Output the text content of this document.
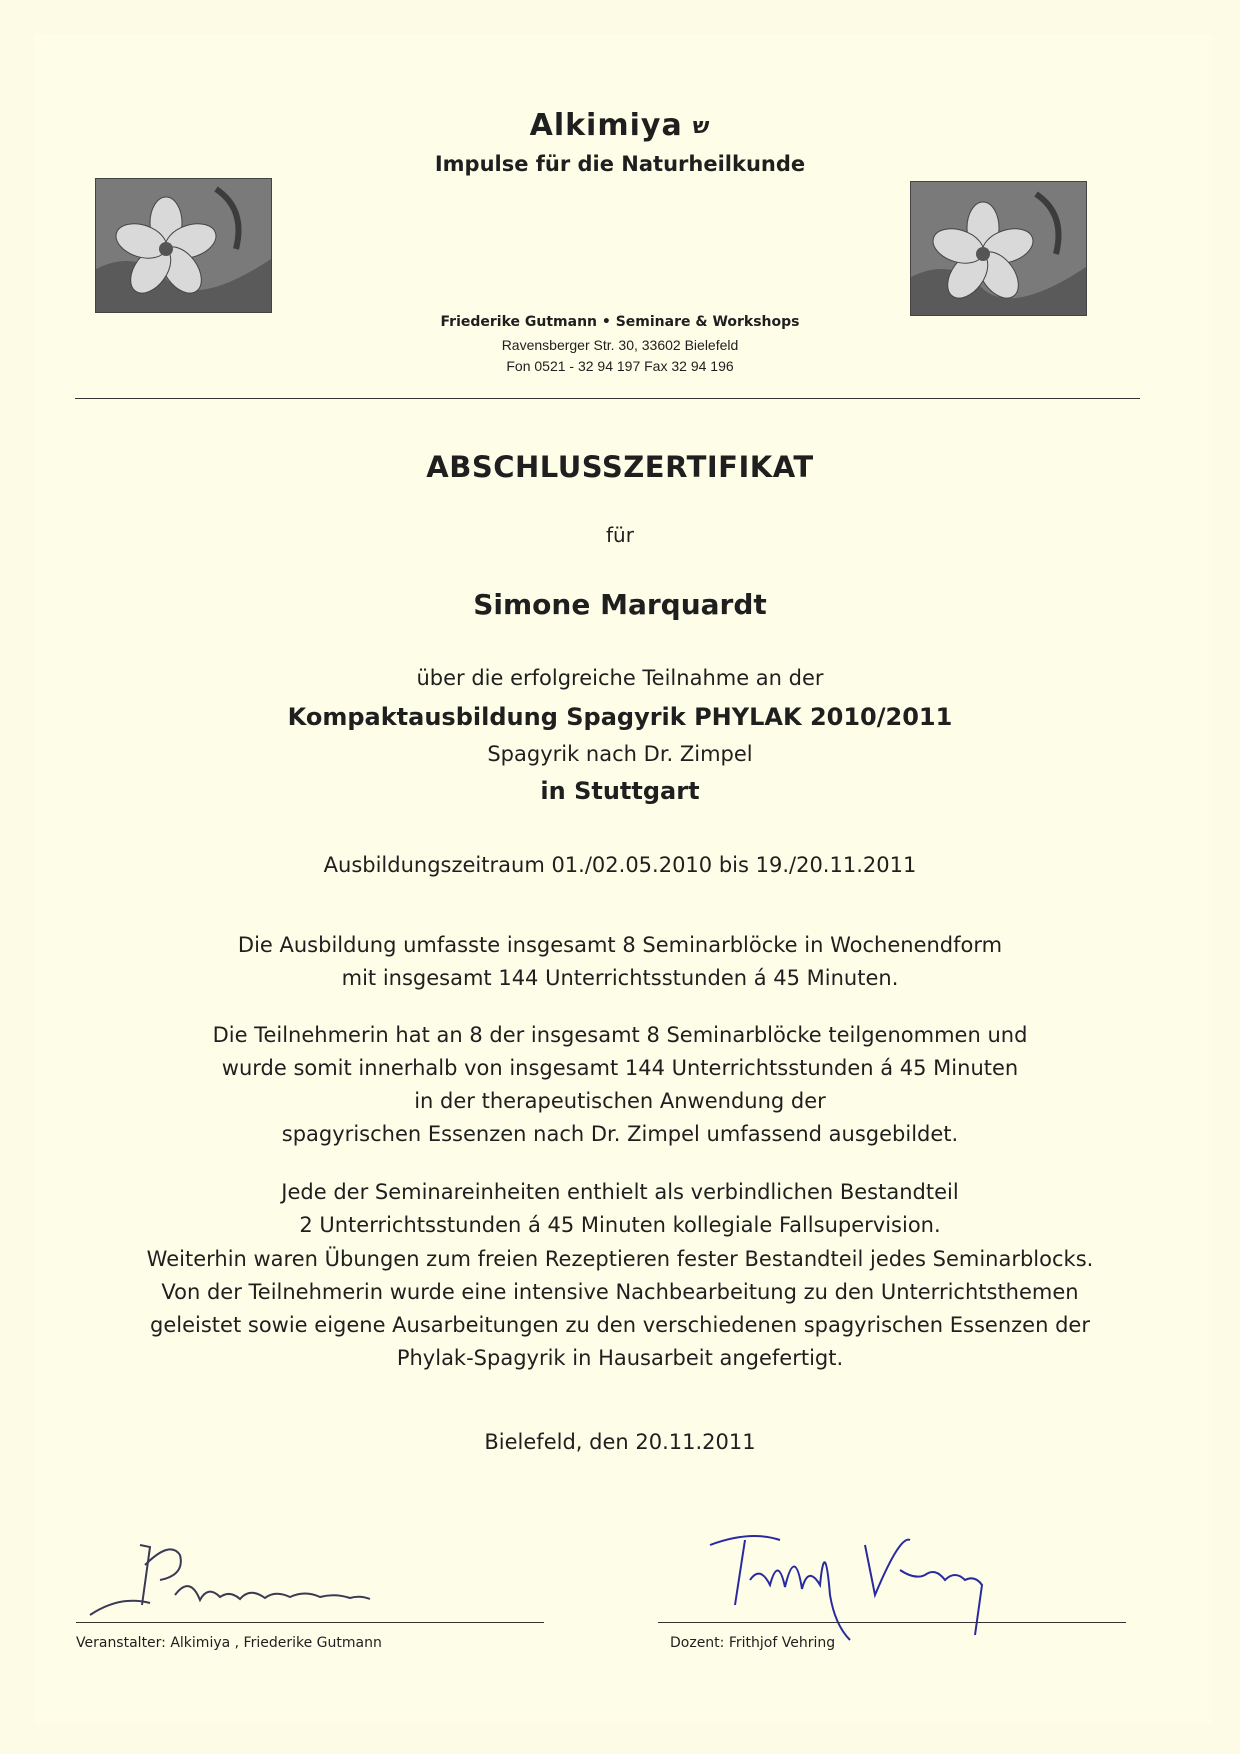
Alkimiya ש
Impulse für die Naturheilkunde
Friederike Gutmann • Seminare & Workshops
Ravensberger Str. 30, 33602 Bielefeld
Fon 0521 - 32 94 197 Fax 32 94 196
ABSCHLUSSZERTIFIKAT
für
Simone Marquardt
über die erfolgreiche Teilnahme an der
Kompaktausbildung Spagyrik PHYLAK 2010/2011
Spagyrik nach Dr. Zimpel
in Stuttgart
Ausbildungszeitraum 01./02.05.2010 bis 19./20.11.2011
Die Ausbildung umfasste insgesamt 8 Seminarblöcke in Wochenendform
mit insgesamt 144 Unterrichtsstunden á 45 Minuten.
Die Teilnehmerin hat an 8 der insgesamt 8 Seminarblöcke teilgenommen und
wurde somit innerhalb von insgesamt 144 Unterrichtsstunden á 45 Minuten
in der therapeutischen Anwendung der
spagyrischen Essenzen nach Dr. Zimpel umfassend ausgebildet.
Jede der Seminareinheiten enthielt als verbindlichen Bestandteil
2 Unterrichtsstunden á 45 Minuten kollegiale Fallsupervision.
Weiterhin waren Übungen zum freien Rezeptieren fester Bestandteil jedes Seminarblocks.
Von der Teilnehmerin wurde eine intensive Nachbearbeitung zu den Unterrichtsthemen
geleistet sowie eigene Ausarbeitungen zu den verschiedenen spagyrischen Essenzen der
Phylak-Spagyrik in Hausarbeit angefertigt.
Bielefeld, den 20.11.2011
Veranstalter: Alkimiya , Friederike Gutmann	Dozent: Frithjof Vehring
